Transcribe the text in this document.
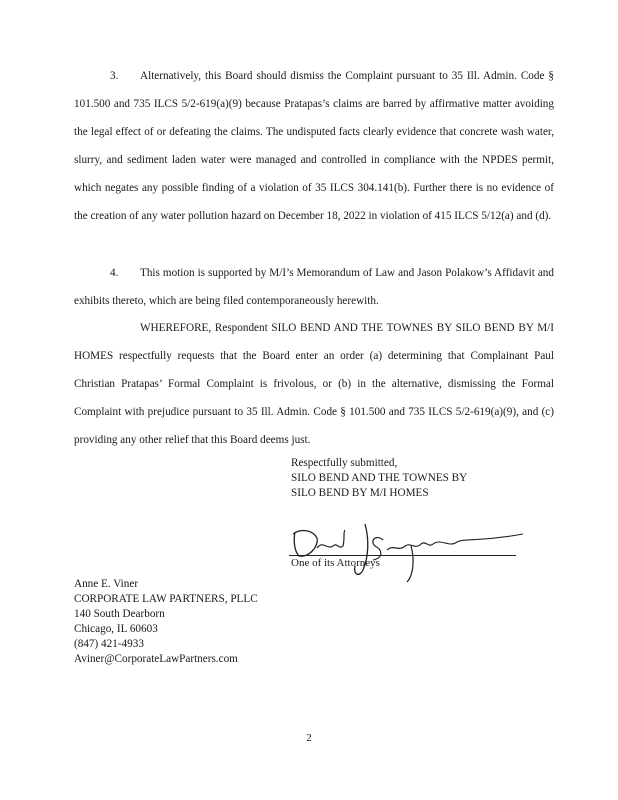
3. Alternatively, this Board should dismiss the Complaint pursuant to 35 Ill. Admin. Code § 101.500 and 735 ILCS 5/2-619(a)(9) because Pratapas’s claims are barred by affirmative matter avoiding the legal effect of or defeating the claims. The undisputed facts clearly evidence that concrete wash water, slurry, and sediment laden water were managed and controlled in compliance with the NPDES permit, which negates any possible finding of a violation of 35 ILCS 304.141(b). Further there is no evidence of the creation of any water pollution hazard on December 18, 2022 in violation of 415 ILCS 5/12(a) and (d).
4. This motion is supported by M/I’s Memorandum of Law and Jason Polakow’s Affidavit and exhibits thereto, which are being filed contemporaneously herewith.
WHEREFORE, Respondent SILO BEND AND THE TOWNES BY SILO BEND BY M/I HOMES respectfully requests that the Board enter an order (a) determining that Complainant Paul Christian Pratapas’ Formal Complaint is frivolous, or (b) in the alternative, dismissing the Formal Complaint with prejudice pursuant to 35 Ill. Admin. Code § 101.500 and 735 ILCS 5/2-619(a)(9), and (c) providing any other relief that this Board deems just.
Respectfully submitted,
SILO BEND AND THE TOWNES BY
SILO BEND BY M/I HOMES
One of its Attorneys
Anne E. Viner
CORPORATE LAW PARTNERS, PLLC
140 South Dearborn
Chicago, IL 60603
(847) 421-4933
Aviner@CorporateLawPartners.com
2
